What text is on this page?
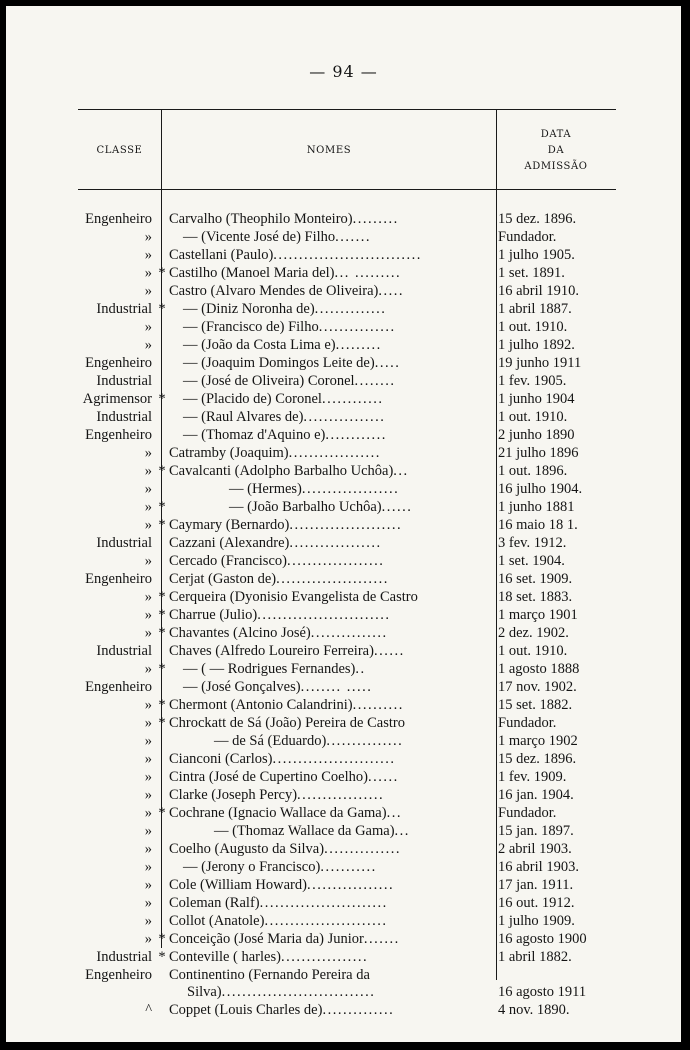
— 94 —
CLASSE	NOMES
DATA
DA
ADMISSÃO
Engenheiro Carvalho (Theophilo Monteiro).........	15 dez. 1896.
»	— (Vicente José de) Filho.......	Fundador.
» Castellani (Paulo).............................	1 julho 1905.
» * Castilho (Manoel Maria del)... .........	1 set. 1891.
» Castro (Alvaro Mendes de Oliveira).....	16 abril 1910.
Industrial *	— (Diniz Noronha de)..............	1 abril 1887.
»	— (Francisco de) Filho...............	1 out. 1910.
»	— (João da Costa Lima e).........	1 julho 1892.
Engenheiro	— (Joaquim Domingos Leite de).....	19 junho 1911
Industrial	— (José de Oliveira) Coronel........	1 fev. 1905.
Agrimensor *	— (Placido de) Coronel............	1 junho 1904
Industrial	— (Raul Alvares de)................	1 out. 1910.
Engenheiro	— (Thomaz d'Aquino e)............	2 junho 1890
» Catramby (Joaquim)..................	21 julho 1896
» * Cavalcanti (Adolpho Barbalho Uchôa)...	1 out. 1896.
»	— (Hermes)...................	16 julho 1904.
» *	— (João Barbalho Uchôa)......	1 junho 1881
» * Caymary (Bernardo)......................	16 maio 18 1.
Industrial Cazzani (Alexandre)..................	3 fev. 1912.
» Cercado (Francisco)...................	1 set. 1904.
Engenheiro Cerjat (Gaston de)......................	16 set. 1909.
» * Cerqueira (Dyonisio Evangelista de Castro	18 set. 1883.
» * Charrue (Julio)..........................	1 março 1901
» * Chavantes (Alcino José)...............	2 dez. 1902.
Industrial Chaves (Alfredo Loureiro Ferreira)......	1 out. 1910.
» *	— ( — Rodrigues Fernandes)..	1 agosto 1888
Engenheiro	— (José Gonçalves)........ .....	17 nov. 1902.
» * Chermont (Antonio Calandrini)..........	15 set. 1882.
» * Chrockatt de Sá (João) Pereira de Castro	Fundador.
»	— de Sá (Eduardo)...............	1 março 1902
» Cianconi (Carlos)........................	15 dez. 1896.
» Cintra (José de Cupertino Coelho)......	1 fev. 1909.
» Clarke (Joseph Percy).................	16 jan. 1904.
» * Cochrane (Ignacio Wallace da Gama)...	Fundador.
»	— (Thomaz Wallace da Gama)...	15 jan. 1897.
» Coelho (Augusto da Silva)...............	2 abril 1903.
»	— (Jerony o Francisco)...........	16 abril 1903.
» Cole (William Howard).................	17 jan. 1911.
» Coleman (Ralf).........................	16 out. 1912.
» Collot (Anatole)........................	1 julho 1909.
» * Conceição (José Maria da) Junior.......	16 agosto 1900
Industrial * Conteville ( harles).................	1 abril 1882.
Engenheiro Continentino (Fernando Pereira da
Silva)..............................	16 agosto 1911
^ Coppet (Louis Charles de)..............	4 nov. 1890.
